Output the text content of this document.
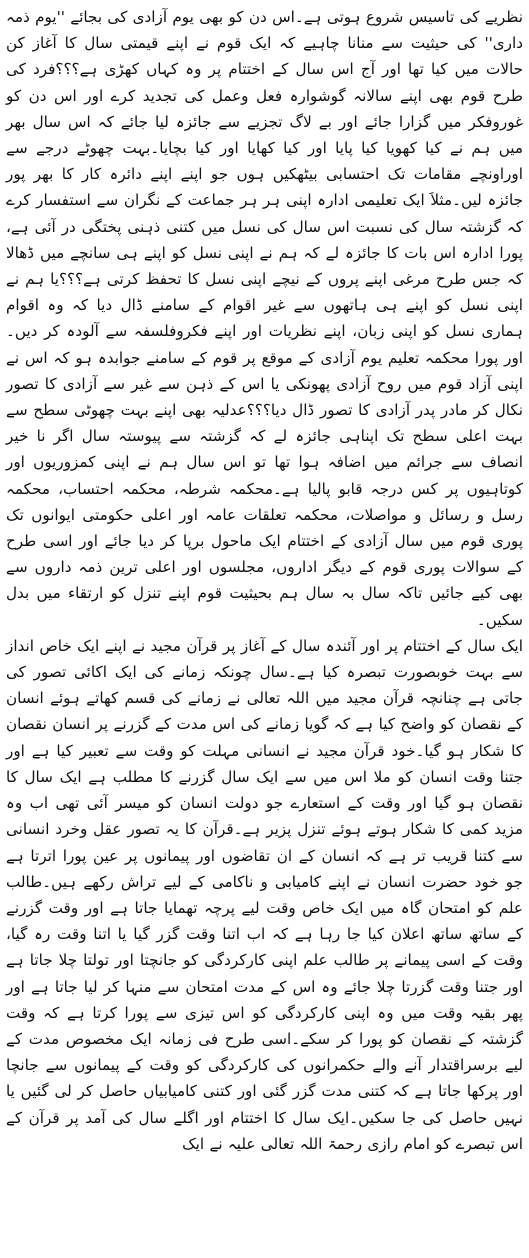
نظریے کی تاسیس شروع ہوتی ہے۔اس دن کو بھی یوم آزادی کی بجائے ''یوم ذمہ داری'' کی حیثیت سے منانا چاہیے کہ ایک قوم نے اپنے قیمتی سال کا آغاز کن حالات میں کیا تھا اور آج اس سال کے اختتام پر وہ کہاں کھڑی ہے؟؟؟فرد کی طرح قوم بھی اپنے سالانہ گوشوارہ فعل وعمل کی تجدید کرے اور اس دن کو غوروفکر میں گزارا جائے اور بے لاگ تجزیے سے جائزہ لیا جائے کہ اس سال بھر میں ہم نے کیا کھویا کیا پایا اور کیا کھایا اور کیا بچایا۔بہت چھوٹے درجے سے اوراونچے مقامات تک احتسابی بیٹھکیں ہوں جو اپنے اپنے دائرہ کار کا بھر پور جائزہ لیں۔مثلاََ ایک تعلیمی ادارہ اپنی ہر ہر جماعت کے نگران سے استفسار کرے کہ گزشتہ سال کی نسبت اس سال کی نسل میں کتنی ذہنی پختگی در آئی ہے، پورا ادارہ اس بات کا جائزہ لے کہ ہم نے اپنی نسل کو اپنے ہی سانچے میں ڈھالا کہ جس طرح مرغی اپنے پروں کے نیچے اپنی نسل کا تحفظ کرتی ہے؟؟؟یا ہم نے اپنی نسل کو اپنے ہی ہاتھوں سے غیر اقوام کے سامنے ڈال دیا کہ وہ اقوام ہماری نسل کو اپنی زبان، اپنے نظریات اور اپنے فکروفلسفہ سے آلودہ کر دیں۔اور پورا محکمہ تعلیم یوم آزادی کے موقع پر قوم کے سامنے جوابدہ ہو کہ اس نے اپنی آزاد قوم میں روح آزادی پھونکی یا اس کے ذہن سے غیر سے آزادی کا تصور نکال کر مادر پدر آزادی کا تصور ڈال دیا؟؟؟عدلیہ بھی اپنے بہت چھوٹی سطح سے بہت اعلی سطح تک اپناہی جائزہ لے کہ گزشتہ سے پیوستہ سال اگر نا خیر انصاف سے جرائم میں اضافہ ہوا تھا تو اس سال ہم نے اپنی کمزوریوں اور کوتاہیوں پر کس درجہ قابو پالیا ہے۔محکمہ شرطہ، محکمہ احتساب، محکمہ رسل و رسائل و مواصلات، محکمہ تعلقات عامہ اور اعلی حکومتی ایوانوں تک پوری قوم میں سال آزادی کے اختتام ایک ماحول برپا کر دیا جائے اور اسی طرح کے سوالات پوری قوم کے دیگر اداروں، مجلسوں اور اعلی ترین ذمہ داروں سے بھی کیے جائیں تاکہ سال بہ سال ہم بحیثیت قوم اپنے تنزل کو ارتقاء میں بدل سکیں۔

ایک سال کے اختتام پر اور آئندہ سال کے آغاز پر قرآن مجید نے اپنے ایک خاص انداز سے بہت خوبصورت تبصرہ کیا ہے۔سال چونکہ زمانے کی ایک اکائی تصور کی جاتی ہے چنانچہ قرآن مجید میں اللہ تعالی نے زمانے کی قسم کھاتے ہوئے انسان کے نقصان کو واضح کیا ہے کہ گویا زمانے کی اس مدت کے گزرنے پر انسان نقصان کا شکار ہو گیا۔خود قرآن مجید نے انسانی مہلت کو وقت سے تعبیر کیا ہے اور جتنا وقت انسان کو ملا اس میں سے ایک سال گزرنے کا مطلب ہے ایک سال کا نقصان ہو گیا اور وقت کے استعارے جو دولت انسان کو میسر آئی تھی اب وہ مزید کمی کا شکار ہوتے ہوئے تنزل پزیر ہے۔قرآن کا یہ تصور عقل وخرد انسانی سے کتنا قریب تر ہے کہ انسان کے ان تقاضوں اور پیمانوں پر عین پورا اترتا ہے جو خود حضرت انسان نے اپنے کامیابی و ناکامی کے لیے تراش رکھے ہیں۔طالب علم کو امتحان گاہ میں ایک خاص وقت لیے پرچہ تھمایا جاتا ہے اور وقت گزرنے کے ساتھ ساتھ اعلان کیا جا رہا ہے کہ اب اتنا وقت گزر گیا یا اتنا وقت رہ گیا، وقت کے اسی پیمانے پر طالب علم اپنی کارکردگی کو جانچتا اور تولتا چلا جاتا ہے اور جتنا وقت گزرتا چلا جائے وہ اس کے مدت امتحان سے منہا کر لیا جاتا ہے اور پھر بقیہ وقت میں وہ اپنی کارکردگی کو اس تیزی سے پورا کرتا ہے کہ وقت گزشتہ کے نقصان کو پورا کر سکے۔اسی طرح فی زمانہ ایک مخصوص مدت کے لیے برسراقتدار آنے والے حکمرانوں کی کارکردگی کو وقت کے پیمانوں سے جانچا اور پرکھا جاتا ہے کہ کتنی مدت گزر گئی اور کتنی کامیابیاں حاصل کر لی گئیں یا نہیں حاصل کی جا سکیں۔ایک سال کا اختتام اور اگلے سال کی آمد پر قرآن کے اس تبصرے کو امام رازی رحمۃ اللہ تعالی علیہ نے ایک
